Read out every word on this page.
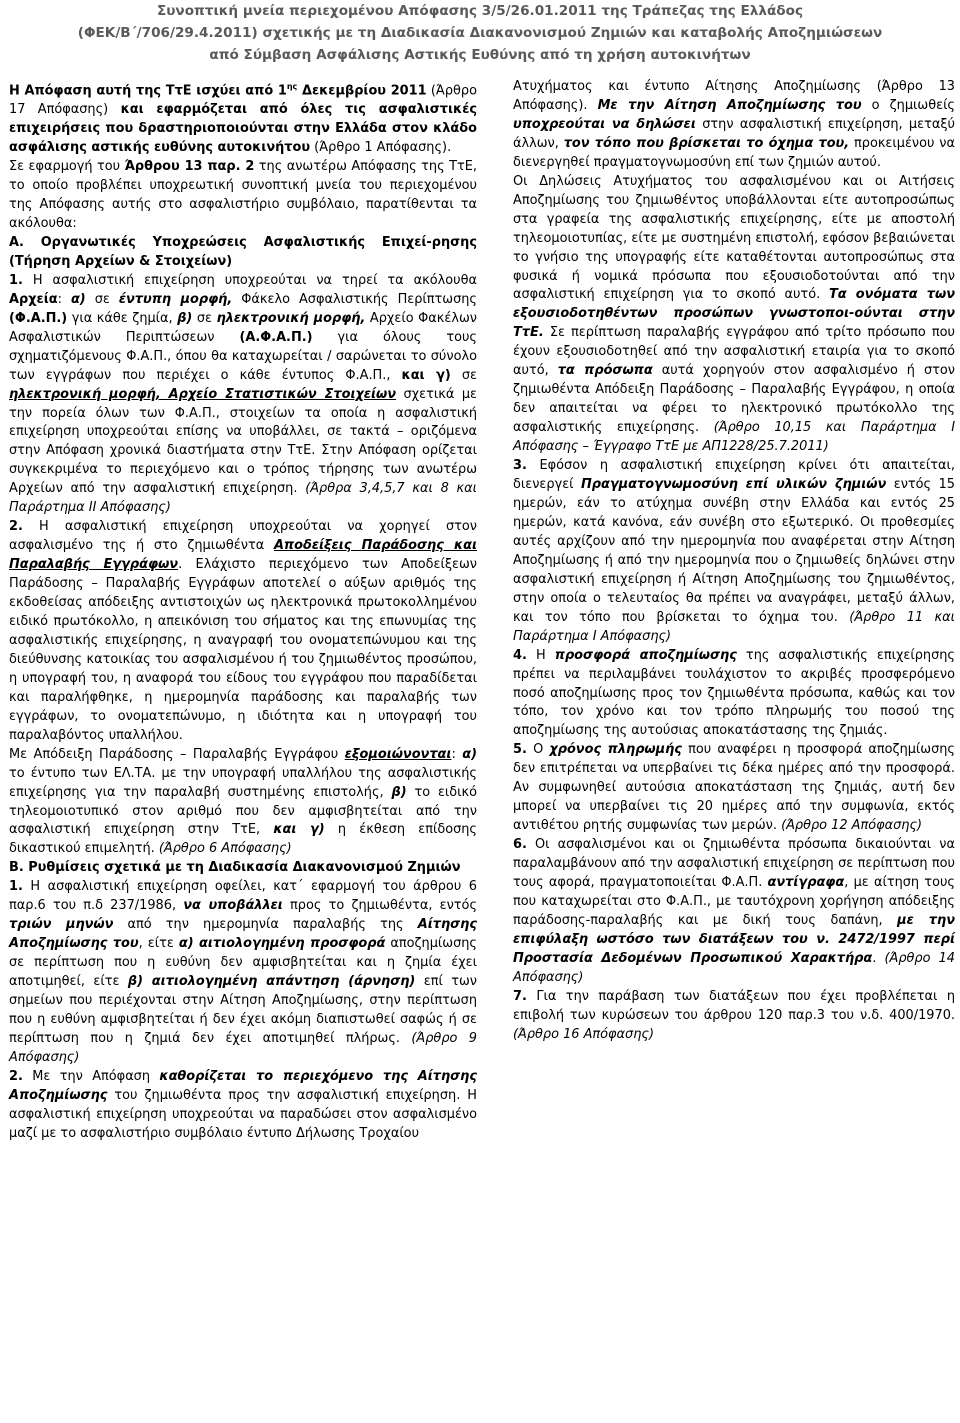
Συνοπτική μνεία περιεχομένου Απόφασης 3/5/26.01.2011 της Τράπεζας της Ελλάδος
(ΦΕΚ/Β΄/706/29.4.2011) σχετικής με τη Διαδικασία Διακανονισμού Ζημιών και καταβολής Αποζημιώσεων
από Σύμβαση Ασφάλισης Αστικής Ευθύνης από τη χρήση αυτοκινήτων

Η Απόφαση αυτή της ΤτΕ ισχύει από $1^{\eta\varsigma}$ Δεκεμβρίου 2011 (Άρθρο 17 Απόφασης) και εφαρμόζεται από όλες τις ασφαλιστικές επιχειρήσεις που δραστηριοποιούνται στην Ελλάδα στον κλάδο ασφάλισης αστικής ευθύνης αυτοκινήτου (Άρθρο 1 Απόφασης).

Σε εφαρμογή του Άρθρου 13 παρ. 2 της ανωτέρω Απόφασης της ΤτΕ, το οποίο προβλέπει υποχρεωτική συνοπτική μνεία του περιεχομένου της Απόφασης αυτής στο ασφαλιστήριο συμβόλαιο, παρατίθενται τα ακόλουθα:

Α. Οργανωτικές Υποχρεώσεις Ασφαλιστικής Επιχεί-ρησης (Τήρηση Αρχείων & Στοιχείων)

1. Η ασφαλιστική επιχείρηση υποχρεούται να τηρεί τα ακόλουθα Αρχεία: α) σε έντυπη μορφή, Φάκελο Ασφαλιστικής Περίπτωσης (Φ.Α.Π.) για κάθε ζημία, β) σε ηλεκτρονική μορφή, Αρχείο Φακέλων Ασφαλιστικών Περιπτώσεων (Α.Φ.Α.Π.) για όλους τους σχηματιζόμενους Φ.Α.Π., όπου θα καταχωρείται / σαρώνεται το σύνολο των εγγράφων που περιέχει ο κάθε έντυπος Φ.Α.Π., και γ) σε ηλεκτρονική μορφή, Αρχείο Στατιστικών Στοιχείων σχετικά με την πορεία όλων των Φ.Α.Π., στοιχείων τα οποία η ασφαλιστική επιχείρηση υποχρεούται επίσης να υποβάλλει, σε τακτά – οριζόμενα στην Απόφαση χρονικά διαστήματα στην ΤτΕ. Στην Απόφαση ορίζεται συγκεκριμένα το περιεχόμενο και ο τρόπος τήρησης των ανωτέρω Αρχείων από την ασφαλιστική επιχείρηση. (Άρθρα 3,4,5,7 και 8 και Παράρτημα ΙΙ Απόφασης)

2. Η ασφαλιστική επιχείρηση υποχρεούται να χορηγεί στον ασφαλισμένο της ή στο ζημιωθέντα Αποδείξεις Παράδοσης και Παραλαβής Εγγράφων. Ελάχιστο περιεχόμενο των Αποδείξεων Παράδοσης – Παραλαβής Εγγράφων αποτελεί ο αύξων αριθμός της εκδοθείσας απόδειξης αντιστοιχών ως ηλεκτρονικά πρωτοκολλημένου ειδικό πρωτόκολλο, η απεικόνιση του σήματος και της επωνυμίας της ασφαλιστικής επιχείρησης, η αναγραφή του ονοματεπώνυμου και της διεύθυνσης κατοικίας του ασφαλισμένου ή του ζημιωθέντος προσώπου, η υπογραφή του, η αναφορά του είδους του εγγράφου που παραδίδεται και παραλήφθηκε, η ημερομηνία παράδοσης και παραλαβής των εγγράφων, το ονοματεπώνυμο, η ιδιότητα και η υπογραφή του παραλαβόντος υπαλλήλου.

Με Απόδειξη Παράδοσης – Παραλαβής Εγγράφου εξομοιώνονται: α) το έντυπο των ΕΛ.ΤΑ. με την υπογραφή υπαλλήλου της ασφαλιστικής επιχείρησης για την παραλαβή συστημένης επιστολής, β) το ειδικό τηλεομοιοτυπικό στον αριθμό που δεν αμφισβητείται από την ασφαλιστική επιχείρηση στην ΤτΕ, και γ) η έκθεση επίδοσης δικαστικού επιμελητή. (Άρθρο 6 Απόφασης)

Β. Ρυθμίσεις σχετικά με τη Διαδικασία Διακανονισμού Ζημιών

1. Η ασφαλιστική επιχείρηση οφείλει, κατ΄ εφαρμογή του άρθρου 6 παρ.6 του π.δ 237/1986, να υποβάλλει προς το ζημιωθέντα, εντός τριών μηνών από την ημερομηνία παραλαβής της Αίτησης Αποζημίωσης του, είτε α) αιτιολογημένη προσφορά αποζημίωσης σε περίπτωση που η ευθύνη δεν αμφισβητείται και η ζημία έχει αποτιμηθεί, είτε β) αιτιολογημένη απάντηση (άρνηση) επί των σημείων που περιέχονται στην Αίτηση Αποζημίωσης, στην περίπτωση που η ευθύνη αμφισβητείται ή δεν έχει ακόμη διαπιστωθεί σαφώς ή σε περίπτωση που η ζημιά δεν έχει αποτιμηθεί πλήρως. (Άρθρο 9 Απόφασης)

2. Με την Απόφαση καθορίζεται το περιεχόμενο της Αίτησης Αποζημίωσης του ζημιωθέντα προς την ασφαλιστική επιχείρηση. Η ασφαλιστική επιχείρηση υποχρεούται να παραδώσει στον ασφαλισμένο μαζί με το ασφαλιστήριο συμβόλαιο έντυπο Δήλωσης Τροχαίου

Ατυχήματος και έντυπο Αίτησης Αποζημίωσης (Άρθρο 13 Απόφασης). Με την Αίτηση Αποζημίωσης του ο ζημιωθείς υποχρεούται να δηλώσει στην ασφαλιστική επιχείρηση, μεταξύ άλλων, τον τόπο που βρίσκεται το όχημα του, προκειμένου να διενεργηθεί πραγματογνωμοσύνη επί των ζημιών αυτού.

Οι Δηλώσεις Ατυχήματος του ασφαλισμένου και οι Αιτήσεις Αποζημίωσης του ζημιωθέντος υποβάλλονται είτε αυτοπροσώπως στα γραφεία της ασφαλιστικής επιχείρησης, είτε με αποστολή τηλεομοιοτυπίας, είτε με συστημένη επιστολή, εφόσον βεβαιώνεται το γνήσιο της υπογραφής είτε καταθέτονται αυτοπροσώπως στα φυσικά ή νομικά πρόσωπα που εξουσιοδοτούνται από την ασφαλιστική επιχείρηση για το σκοπό αυτό. Τα ονόματα των εξουσιοδοτηθέντων προσώπων γνωστοποι-ούνται στην ΤτΕ. Σε περίπτωση παραλαβής εγγράφου από τρίτο πρόσωπο που έχουν εξουσιοδοτηθεί από την ασφαλιστική εταιρία για το σκοπό αυτό, τα πρόσωπα αυτά χορηγούν στον ασφαλισμένο ή στον ζημιωθέντα Απόδειξη Παράδοσης – Παραλαβής Εγγράφου, η οποία δεν απαιτείται να φέρει το ηλεκτρονικό πρωτόκολλο της ασφαλιστικής επιχείρησης. (Άρθρο 10,15 και Παράρτημα Ι Απόφασης – Έγγραφο ΤτΕ με ΑΠ1228/25.7.2011)

3. Εφόσον η ασφαλιστική επιχείρηση κρίνει ότι απαιτείται, διενεργεί Πραγματογνωμοσύνη επί υλικών ζημιών εντός 15 ημερών, εάν το ατύχημα συνέβη στην Ελλάδα και εντός 25 ημερών, κατά κανόνα, εάν συνέβη στο εξωτερικό. Οι προθεσμίες αυτές αρχίζουν από την ημερομηνία που αναφέρεται στην Αίτηση Αποζημίωσης ή από την ημερομηνία που ο ζημιωθείς δηλώνει στην ασφαλιστική επιχείρηση ή Αίτηση Αποζημίωσης του ζημιωθέντος, στην οποία ο τελευταίος θα πρέπει να αναγράφει, μεταξύ άλλων, και τον τόπο που βρίσκεται το όχημα του. (Άρθρο 11 και Παράρτημα Ι Απόφασης)

4. Η προσφορά αποζημίωσης της ασφαλιστικής επιχείρησης πρέπει να περιλαμβάνει τουλάχιστον το ακριβές προσφερόμενο ποσό αποζημίωσης προς τον ζημιωθέντα πρόσωπα, καθώς και τον τόπο, τον χρόνο και τον τρόπο πληρωμής του ποσού της αποζημίωσης της αυτούσιας αποκατάστασης της ζημιάς.

5. Ο χρόνος πληρωμής που αναφέρει η προσφορά αποζημίωσης δεν επιτρέπεται να υπερβαίνει τις δέκα ημέρες από την προσφορά. Αν συμφωνηθεί αυτούσια αποκατάσταση της ζημιάς, αυτή δεν μπορεί να υπερβαίνει τις 20 ημέρες από την συμφωνία, εκτός αντιθέτου ρητής συμφωνίας των μερών. (Άρθρο 12 Απόφασης)

6. Οι ασφαλισμένοι και οι ζημιωθέντα πρόσωπα δικαιούνται να παραλαμβάνουν από την ασφαλιστική επιχείρηση σε περίπτωση που τους αφορά, πραγματοποιείται Φ.Α.Π. αντίγραφα, με αίτηση τους που καταχωρείται στο Φ.Α.Π., με ταυτόχρονη χορήγηση απόδειξης παράδοσης-παραλαβής και με δική τους δαπάνη, με την επιφύλαξη ωστόσο των διατάξεων του ν. 2472/1997 περί Προστασία Δεδομένων Προσωπικού Χαρακτήρα. (Άρθρο 14 Απόφασης)

7. Για την παράβαση των διατάξεων που έχει προβλέπεται η επιβολή των κυρώσεων του άρθρου 120 παρ.3 του ν.δ. 400/1970. (Άρθρο 16 Απόφασης)
